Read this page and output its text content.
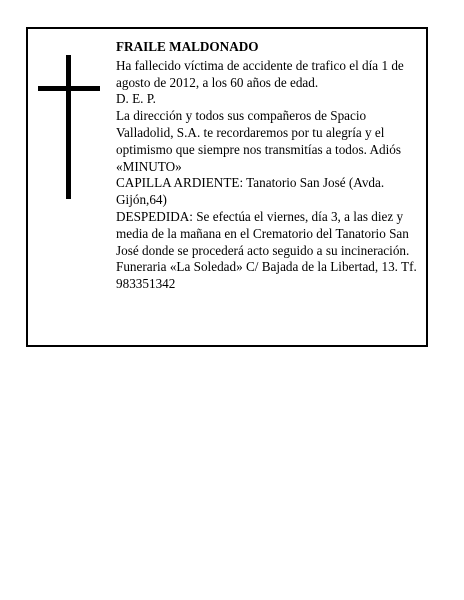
FRAILE MALDONADO

Ha fallecido víctima de accidente de trafico el día 1 de agosto de 2012, a los 60 años de edad.

D. E. P.

La dirección y todos sus compañeros de Spacio Valladolid, S.A. te recordaremos por tu alegría y el optimismo que siempre nos transmitías a todos. Adiós «MINUTO»

CAPILLA ARDIENTE: Tanatorio San José (Avda. Gijón,64)

DESPEDIDA: Se efectúa el viernes, día 3, a las diez y media de la mañana en el Crematorio del Tanatorio San José donde se procederá acto seguido a su incineración.

Funeraria «La Soledad» C/ Bajada de la Libertad, 13. Tf. 983351342
